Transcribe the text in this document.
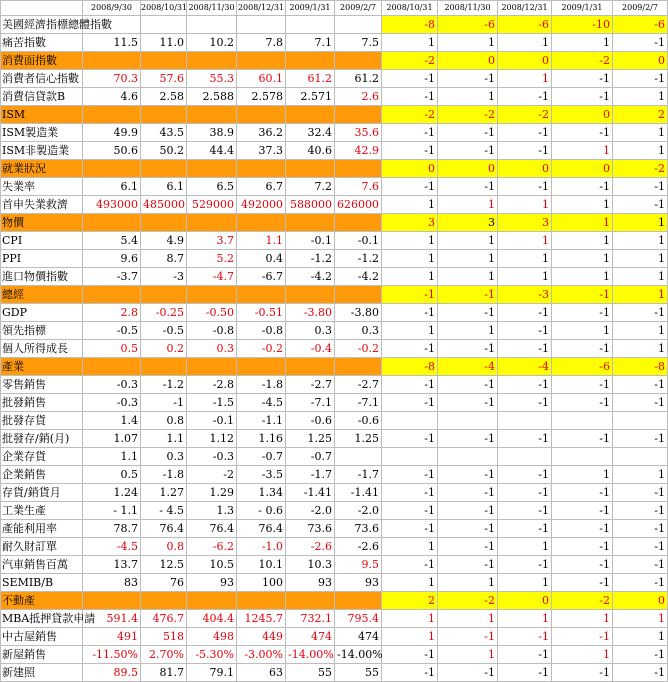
	2008/9/30	2008/10/31	2008/11/30	2008/12/31	2009/1/31	2009/2/7	2008/10/31	2008/11/30	2008/12/31	2009/1/31	2009/2/7
美國經濟指標總體指數							-8	-6	-6	-10	-6
痛苦指數	11.5	11.0	10.2	7.8	7.1	7.5	1	1	1	1	-1
消費面指數							-2	0	0	-2	0
消費者信心指數	70.3	57.6	55.3	60.1	61.2	61.2	-1	-1	1	-1	-1
消費信貸款B	4.6	2.58	2.588	2.578	2.571	2.6	-1	1	-1	-1	1
ISM							-2	-2	-2	0	2
ISM製造業	49.9	43.5	38.9	36.2	32.4	35.6	-1	-1	-1	-1	1
ISM非製造業	50.6	50.2	44.4	37.3	40.6	42.9	-1	-1	-1	1	1
就業狀況							0	0	0	0	-2
失業率	6.1	6.1	6.5	6.7	7.2	7.6	-1	-1	-1	-1	-1
首申失業救濟	493000	485000	529000	492000	588000	626000	1	1	1	1	-1
物價							3	3	3	1	1
CPI	5.4	4.9	3.7	1.1	-0.1	-0.1	1	1	1	1	1
PPI	9.6	8.7	5.2	0.4	-1.2	-1.2	1	1	1	1	1
進口物價指數	-3.7	-3	-4.7	-6.7	-4.2	-4.2	1	1	1	1	1
總經							-1	-1	-3	-1	1
GDP	2.8	-0.25	-0.50	-0.51	-3.80	-3.80	-1	-1	-1	-1	-1
領先指標	-0.5	-0.5	-0.8	-0.8	0.3	0.3	1	1	-1	1	1
個人所得成長	0.5	0.2	0.3	-0.2	-0.4	-0.2	-1	-1	-1	-1	1
產業							-8	-4	-4	-6	-8
零售銷售	-0.3	-1.2	-2.8	-1.8	-2.7	-2.7	-1	-1	-1	-1	-1
批發銷售	-0.3	-1	-1.5	-4.5	-7.1	-7.1	-1	-1	-1	-1	-1
批發存貨	1.4	0.8	-0.1	-1.1	-0.6	-0.6					
批發存/銷(月)	1.07	1.1	1.12	1.16	1.25	1.25	-1	-1	-1	-1	-1
企業存貨	1.1	0.3	-0.3	-0.7	-0.7						
企業銷售	0.5	-1.8	-2	-3.5	-1.7	-1.7	-1	-1	-1	1	1
存貨/銷貨月	1.24	1.27	1.29	1.34	-1.41	-1.41	-1	-1	-1	-1	-1
工業生產	- 1.1	- 4.5	1.3	- 0.6	-2.0	-2.0	-1	-1	-1	-1	-1
產能利用率	78.7	76.4	76.4	76.4	73.6	73.6	-1	-1	-1	-1	-1
耐久財訂單	-4.5	0.8	-6.2	-1.0	-2.6	-2.6	1	-1	1	-1	-1
汽車銷售百萬	13.7	12.5	10.5	10.1	10.3	9.5	-1	-1	-1	-1	-1
SEMIB/B	83	76	93	100	93	93	1	1	1	-1	-1
不動產							2	-2	0	-2	0
MBA抵押貸款申請	591.4	476.7	404.4	1245.7	732.1	795.4	1	1	1	1	1
中古屋銷售	491	518	498	449	474	474	1	-1	-1	-1	1
新屋銷售	-11.50%	2.70%	-5.30%	-3.00%	-14.00%	-14.00%	-1	1	-1	1	-1
新建照	89.5	81.7	79.1	63	55	55	-1	-1	-1	-1	-1
